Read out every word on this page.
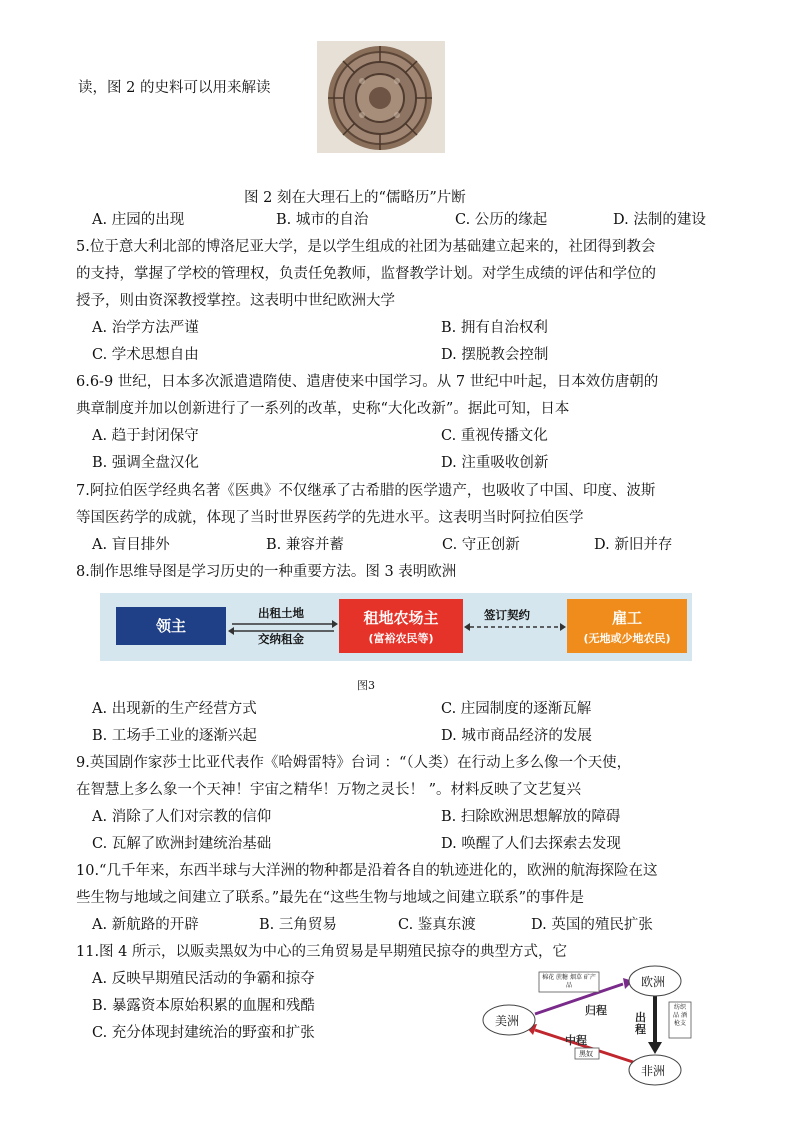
读，图 2 的史料可以用来解读
图 2 刻在大理石上的“儒略历”片断
A. 庄园的出现	B. 城市的自治	C. 公历的缘起	D. 法制的建设
5.位于意大利北部的博洛尼亚大学，是以学生组成的社团为基础建立起来的，社团得到教会
的支持，掌握了学校的管理权，负责任免教师，监督教学计划。对学生成绩的评估和学位的
授予，则由资深教授掌控。这表明中世纪欧洲大学
A. 治学方法严谨	B. 拥有自治权利
C. 学术思想自由	D. 摆脱教会控制
6.6-9 世纪，日本多次派遣遣隋使、遣唐使来中国学习。从 7 世纪中叶起，日本效仿唐朝的
典章制度并加以创新进行了一系列的改革，史称“大化改新”。据此可知，日本
A. 趋于封闭保守	C. 重视传播文化
B. 强调全盘汉化	D. 注重吸收创新
7.阿拉伯医学经典名著《医典》不仅继承了古希腊的医学遗产，也吸收了中国、印度、波斯
等国医药学的成就，体现了当时世界医药学的先进水平。这表明当时阿拉伯医学
A. 盲目排外	B. 兼容并蓄	C. 守正创新	D. 新旧并存
8.制作思维导图是学习历史的一种重要方法。图 3 表明欧洲
领主
出租土地
交纳租金
租地农场主
(富裕农民等)
签订契约	雇工
(无地或少地农民)
图3
A. 出现新的生产经营方式	C. 庄园制度的逐渐瓦解
B. 工场手工业的逐渐兴起	D. 城市商品经济的发展
9.英国剧作家莎士比亚代表作《哈姆雷特》台词 ：“（人类）在行动上多么像一个天使，
在智慧上多么象一个天神！宇宙之精华！万物之灵长！ ”。材料反映了文艺复兴
A. 消除了人们对宗教的信仰	B. 扫除欧洲思想解放的障碍
C. 瓦解了欧洲封建统治基础	D. 唤醒了人们去探索去发现
10.“几千年来，东西半球与大洋洲的物种都是沿着各自的轨迹进化的，欧洲的航海探险在这
些生物与地域之间建立了联系。”最先在“这些生物与地域之间建立联系”的事件是
A. 新航路的开辟	B. 三角贸易	C. 鉴真东渡	D. 英国的殖民扩张
11.图 4 所示，以贩卖黑奴为中心的三角贸易是早期殖民掠夺的典型方式，它
A. 反映早期殖民活动的争霸和掠夺
B. 暴露资本原始积累的血腥和残酷
C. 充分体现封建统治的野蛮和扩张
欧洲
美洲
非洲
归程
出程
中程
棉花 蔗糖 烟草 矿产品
纺织品 酒 枪支
黑奴
